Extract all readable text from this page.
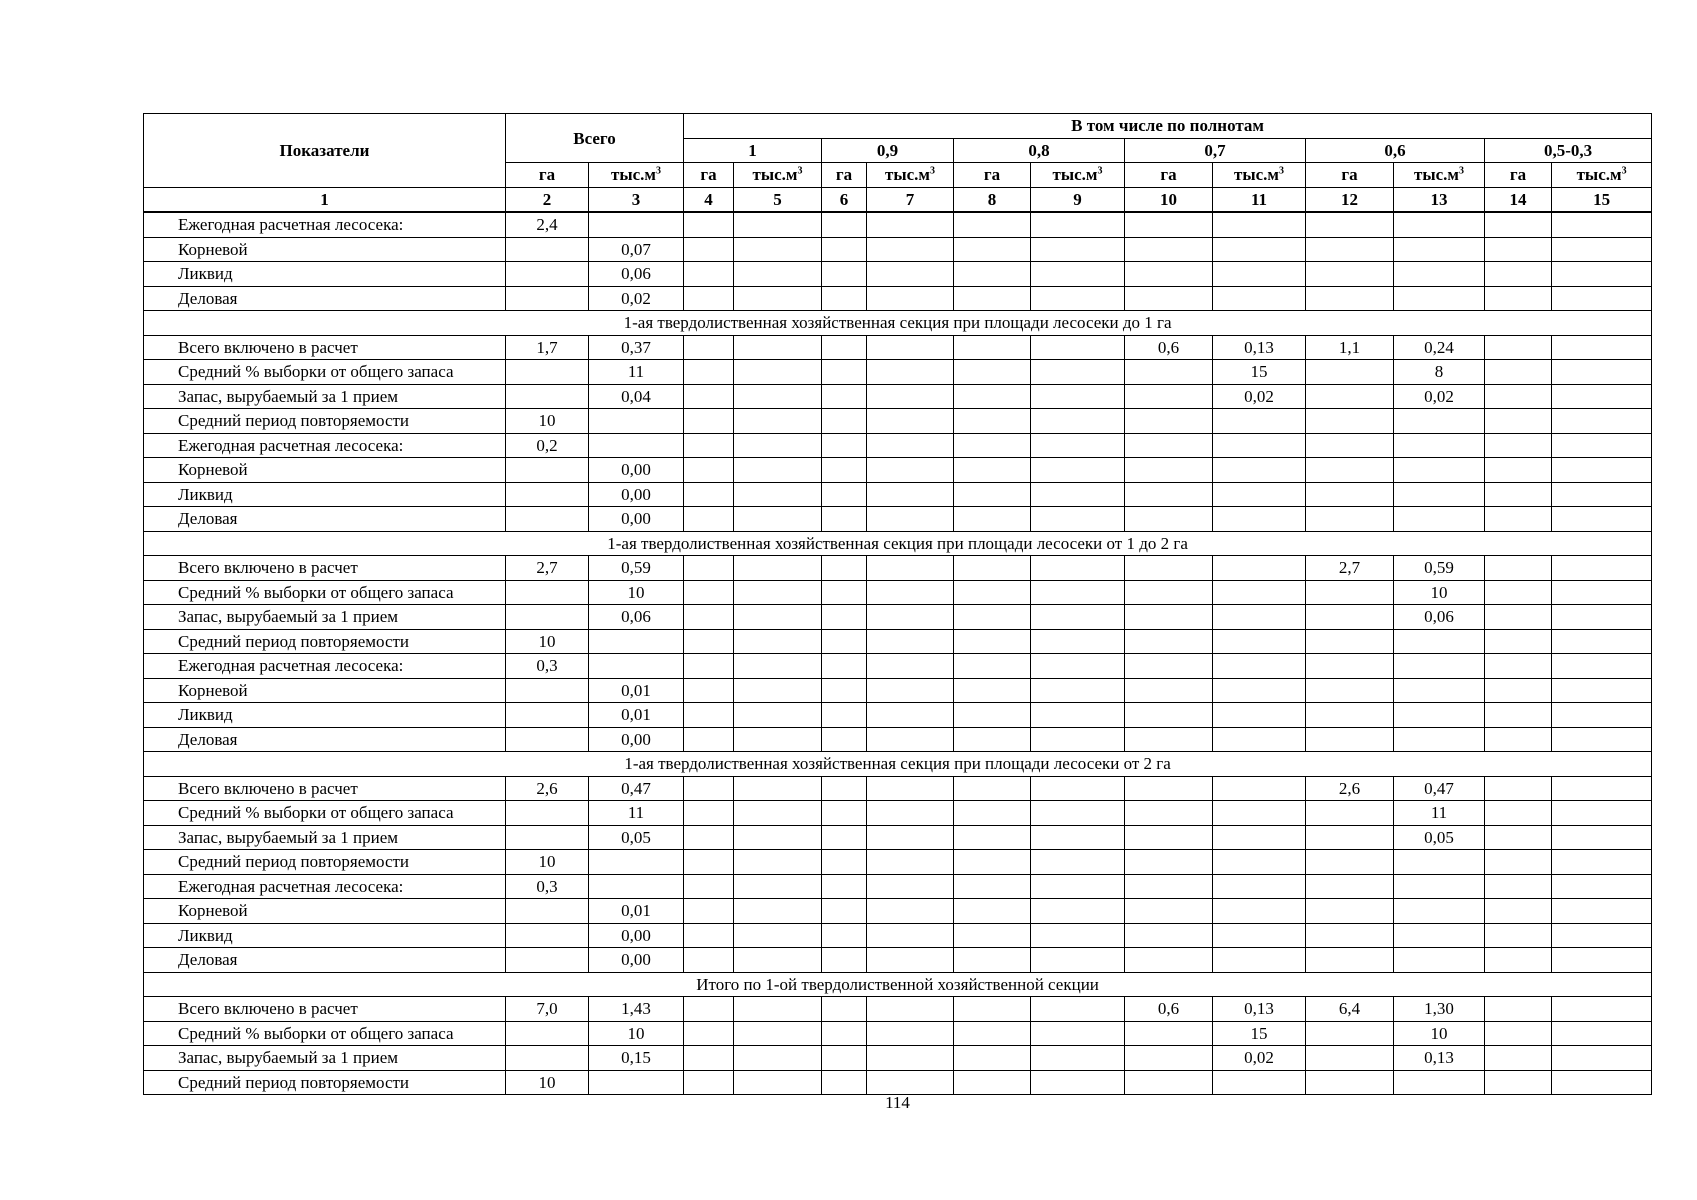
Показатели	Всего		В том числе по полнотам											
			1		0,9		0,8		0,7		0,6		0,5-0,3	
	га	$тыс.м^3$	га	$тыс.м^3$	га	$тыс.м^3$	га	$тыс.м^3$	га	$тыс.м^3$	га	$тыс.м^3$	га	$тыс.м^3$
1	2	3	4	5	6	7	8	9	10	11	12	13	14	15
Ежегодная расчетная лесосека:	2,4													
Корневой		0,07												
Ликвид		0,06												
Деловая		0,02												
1-ая твердолиственная хозяйственная секция при площади лесосеки до 1 га														
Всего включено в расчет	1,7	0,37							0,6	0,13	1,1	0,24		
Средний % выборки от общего запаса		11								15		8		
Запас, вырубаемый за 1 прием		0,04								0,02		0,02		
Средний период повторяемости	10													
Ежегодная расчетная лесосека:	0,2													
Корневой		0,00												
Ликвид		0,00												
Деловая		0,00												
1-ая твердолиственная хозяйственная секция при площади лесосеки от 1 до 2 га														
Всего включено в расчет	2,7	0,59									2,7	0,59		
Средний % выборки от общего запаса		10										10		
Запас, вырубаемый за 1 прием		0,06										0,06		
Средний период повторяемости	10													
Ежегодная расчетная лесосека:	0,3													
Корневой		0,01												
Ликвид		0,01												
Деловая		0,00												
1-ая твердолиственная хозяйственная секция при площади лесосеки от 2 га														
Всего включено в расчет	2,6	0,47									2,6	0,47		
Средний % выборки от общего запаса		11										11		
Запас, вырубаемый за 1 прием		0,05										0,05		
Средний период повторяемости	10													
Ежегодная расчетная лесосека:	0,3													
Корневой		0,01												
Ликвид		0,00												
Деловая		0,00												
Итого по 1-ой твердолиственной хозяйственной секции														
Всего включено в расчет	7,0	1,43							0,6	0,13	6,4	1,30		
Средний % выборки от общего запаса		10								15		10		
Запас, вырубаемый за 1 прием		0,15								0,02		0,13		
Средний период повторяемости	10													
114
